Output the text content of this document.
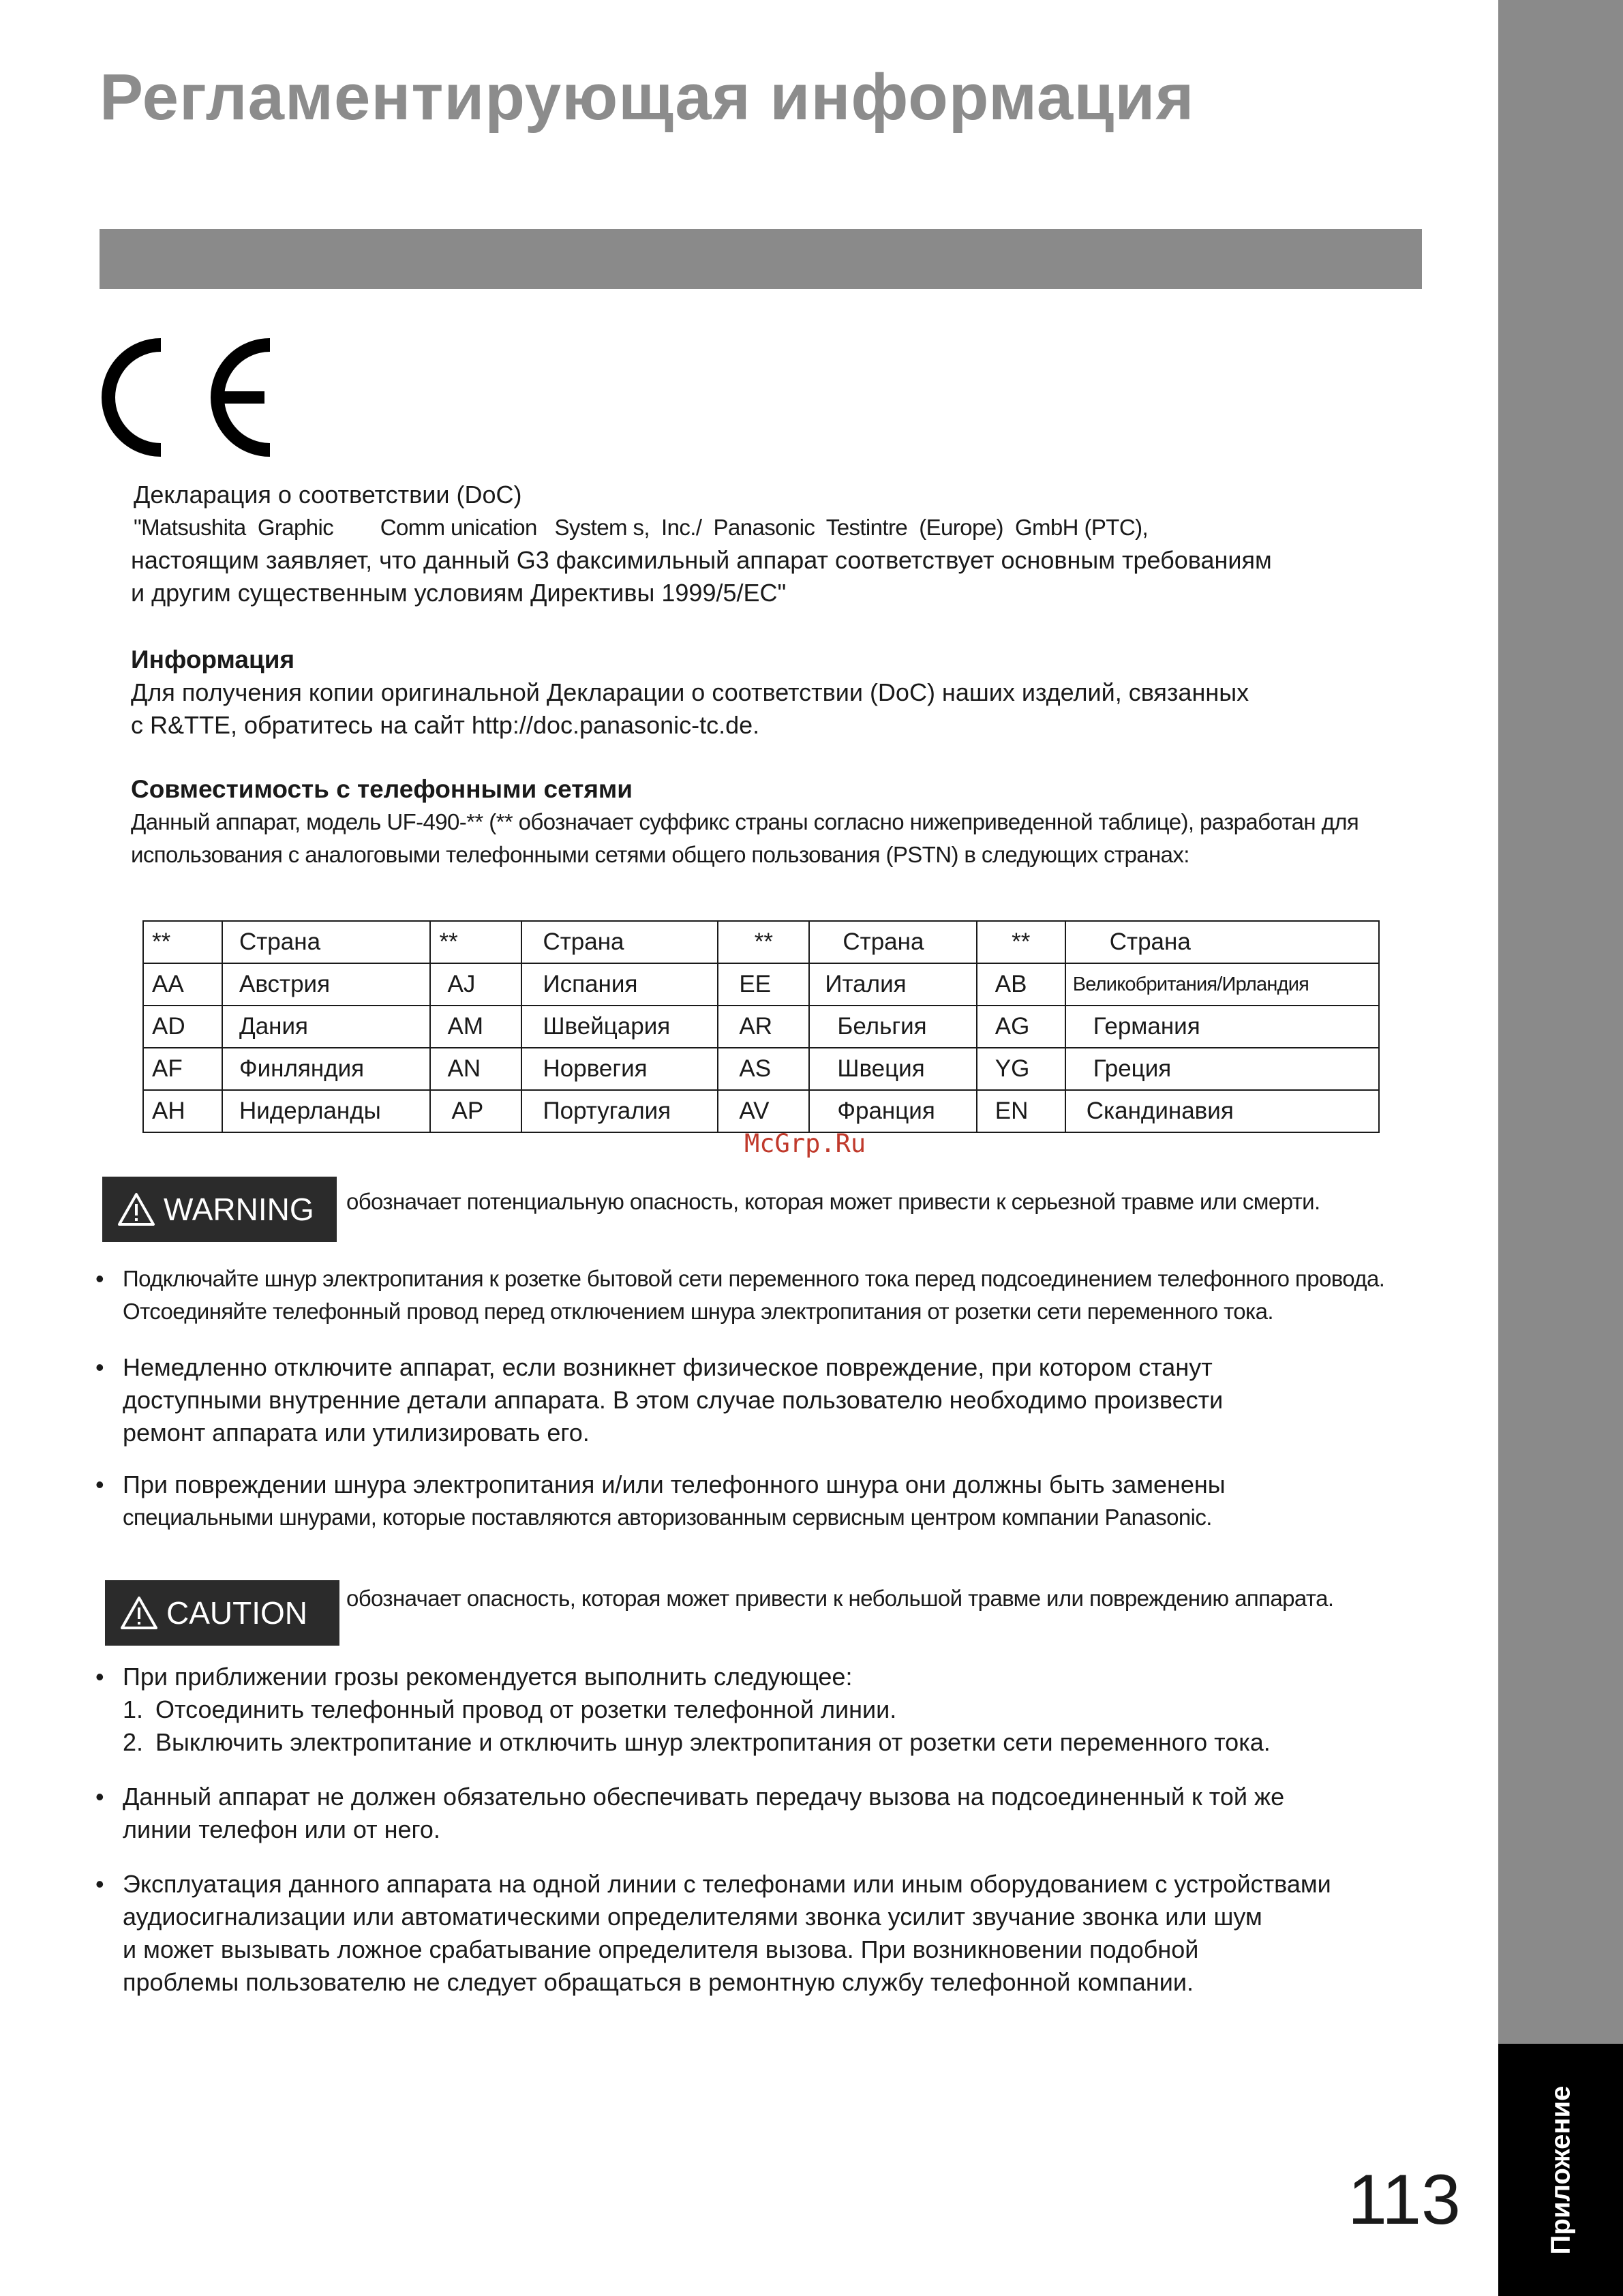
Регламентирующая информация
Приложение
113

Декларация о соответствии (DoC)

"Matsushita  Graphic        Comm unication   System s,  Inc./  Panasonic  Testintre  (Europe)  GmbH (PTC),

настоящим заявляет, что данный G3 факсимильный аппарат соответствует основным требованиям

и другим существенным условиям Директивы 1999/5/EC"

Информация

Для получения копии оригинальной Декларации о соответствии (DoC) наших изделий, связанных

с R&TTE, обратитесь на сайт http://doc.panasonic-tc.de.

Совместимость с телефонными сетями

Данный аппарат, модель UF-490-** (** обозначает суффикс страны согласно нижеприведенной таблице), разработан для

использования с аналоговыми телефонными сетями общего пользования (PSTN) в следующих странах:

**	Страна	**	Страна	**	Страна	**	Страна
AA	Австрия	AJ	Испания	EE	Италия	AB	Великобритания/Ирландия
AD	Дания	AM	Швейцария	AR	Бельгия	AG	Германия
AF	Финляндия	AN	Норвегия	AS	Швеция	YG	Греция
AH	Нидерланды	AP	Португалия	AV	Франция	EN	Скандинавия
McGrp.Ru
WARNING обозначает потенциальную опасность, которая может привести к серьезной травме или смерти.

• Подключайте шнур электропитания к розетке бытовой сети переменного тока перед подсоединением телефонного провода.

Отсоединяйте телефонный провод перед отключением шнура электропитания от розетки сети переменного тока.

• Немедленно отключите аппарат, если возникнет физическое повреждение, при котором станут

доступными внутренние детали аппарата. В этом случае пользователю необходимо произвести

ремонт аппарата или утилизировать его.

• При повреждении шнура электропитания и/или телефонного шнура они должны быть заменены

специальными шнурами, которые поставляются авторизованным сервисным центром компании Panasonic.

CAUTION обозначает опасность, которая может привести к небольшой травме или повреждению аппарата.

• При приближении грозы рекомендуется выполнить следующее:

1. Отсоединить телефонный провод от розетки телефонной линии.
2. Выключить электропитание и отключить шнур электропитания от розетки сети переменного тока.

• Данный аппарат не должен обязательно обеспечивать передачу вызова на подсоединенный к той же

линии телефон или от него.

• Эксплуатация данного аппарата на одной линии с телефонами или иным оборудованием с устройствами

аудиосигнализации или автоматическими определителями звонка усилит звучание звонка или шум

и может вызывать ложное срабатывание определителя вызова. При возникновении подобной

проблемы пользователю не следует обращаться в ремонтную службу телефонной компании.
